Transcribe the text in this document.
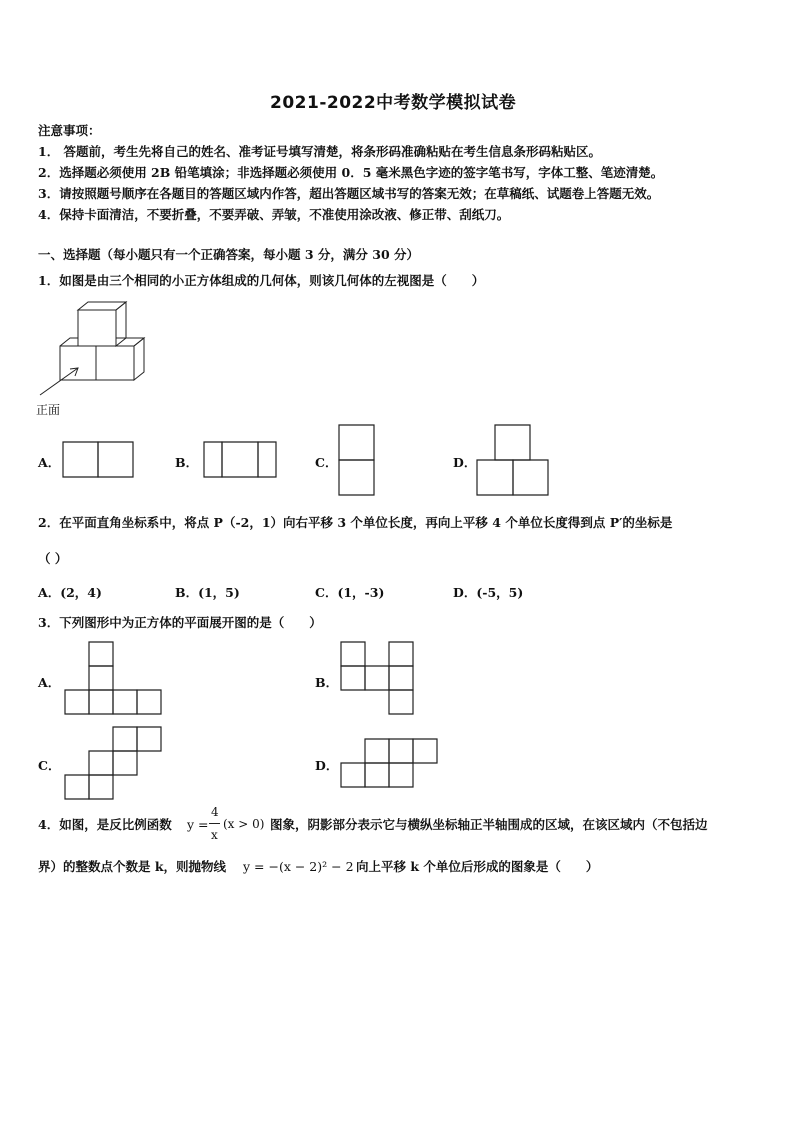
2021-2022中考数学模拟试卷
注意事项：
1． 答题前，考生先将自己的姓名、准考证号填写清楚，将条形码准确粘贴在考生信息条形码粘贴区。
2．选择题必须使用 2B 铅笔填涂；非选择题必须使用 0．5 毫米黑色字迹的签字笔书写，字体工整、笔迹清楚。
3．请按照题号顺序在各题目的答题区域内作答，超出答题区域书写的答案无效；在草稿纸、试题卷上答题无效。
4．保持卡面清洁，不要折叠，不要弄破、弄皱，不准使用涂改液、修正带、刮纸刀。
一、选择题（每小题只有一个正确答案，每小题 3 分，满分 30 分）
1．如图是由三个相同的小正方体组成的几何体，则该几何体的左视图是（　　）
正面
A．	B．	C．	D．
2．在平面直角坐标系中，将点 P（-2，1）向右平移 3 个单位长度，再向上平移 4 个单位长度得到点 P′的坐标是
（ ）
A．(2，4)	B．(1，5)	C．(1，-3)	D．(-5，5)
3．下列图形中为正方体的平面展开图的是（　　）
A．	B．
C．	D．
4．如图，是反比例函数 y =
4
x
(x > 0) 图象，阴影部分表示它与横纵坐标轴正半轴围成的区域，在该区域内（不包括边
界）的整数点个数是 k，则抛物线 y = −(x − 2)² − 2 向上平移 k 个单位后形成的图象是（　　）
